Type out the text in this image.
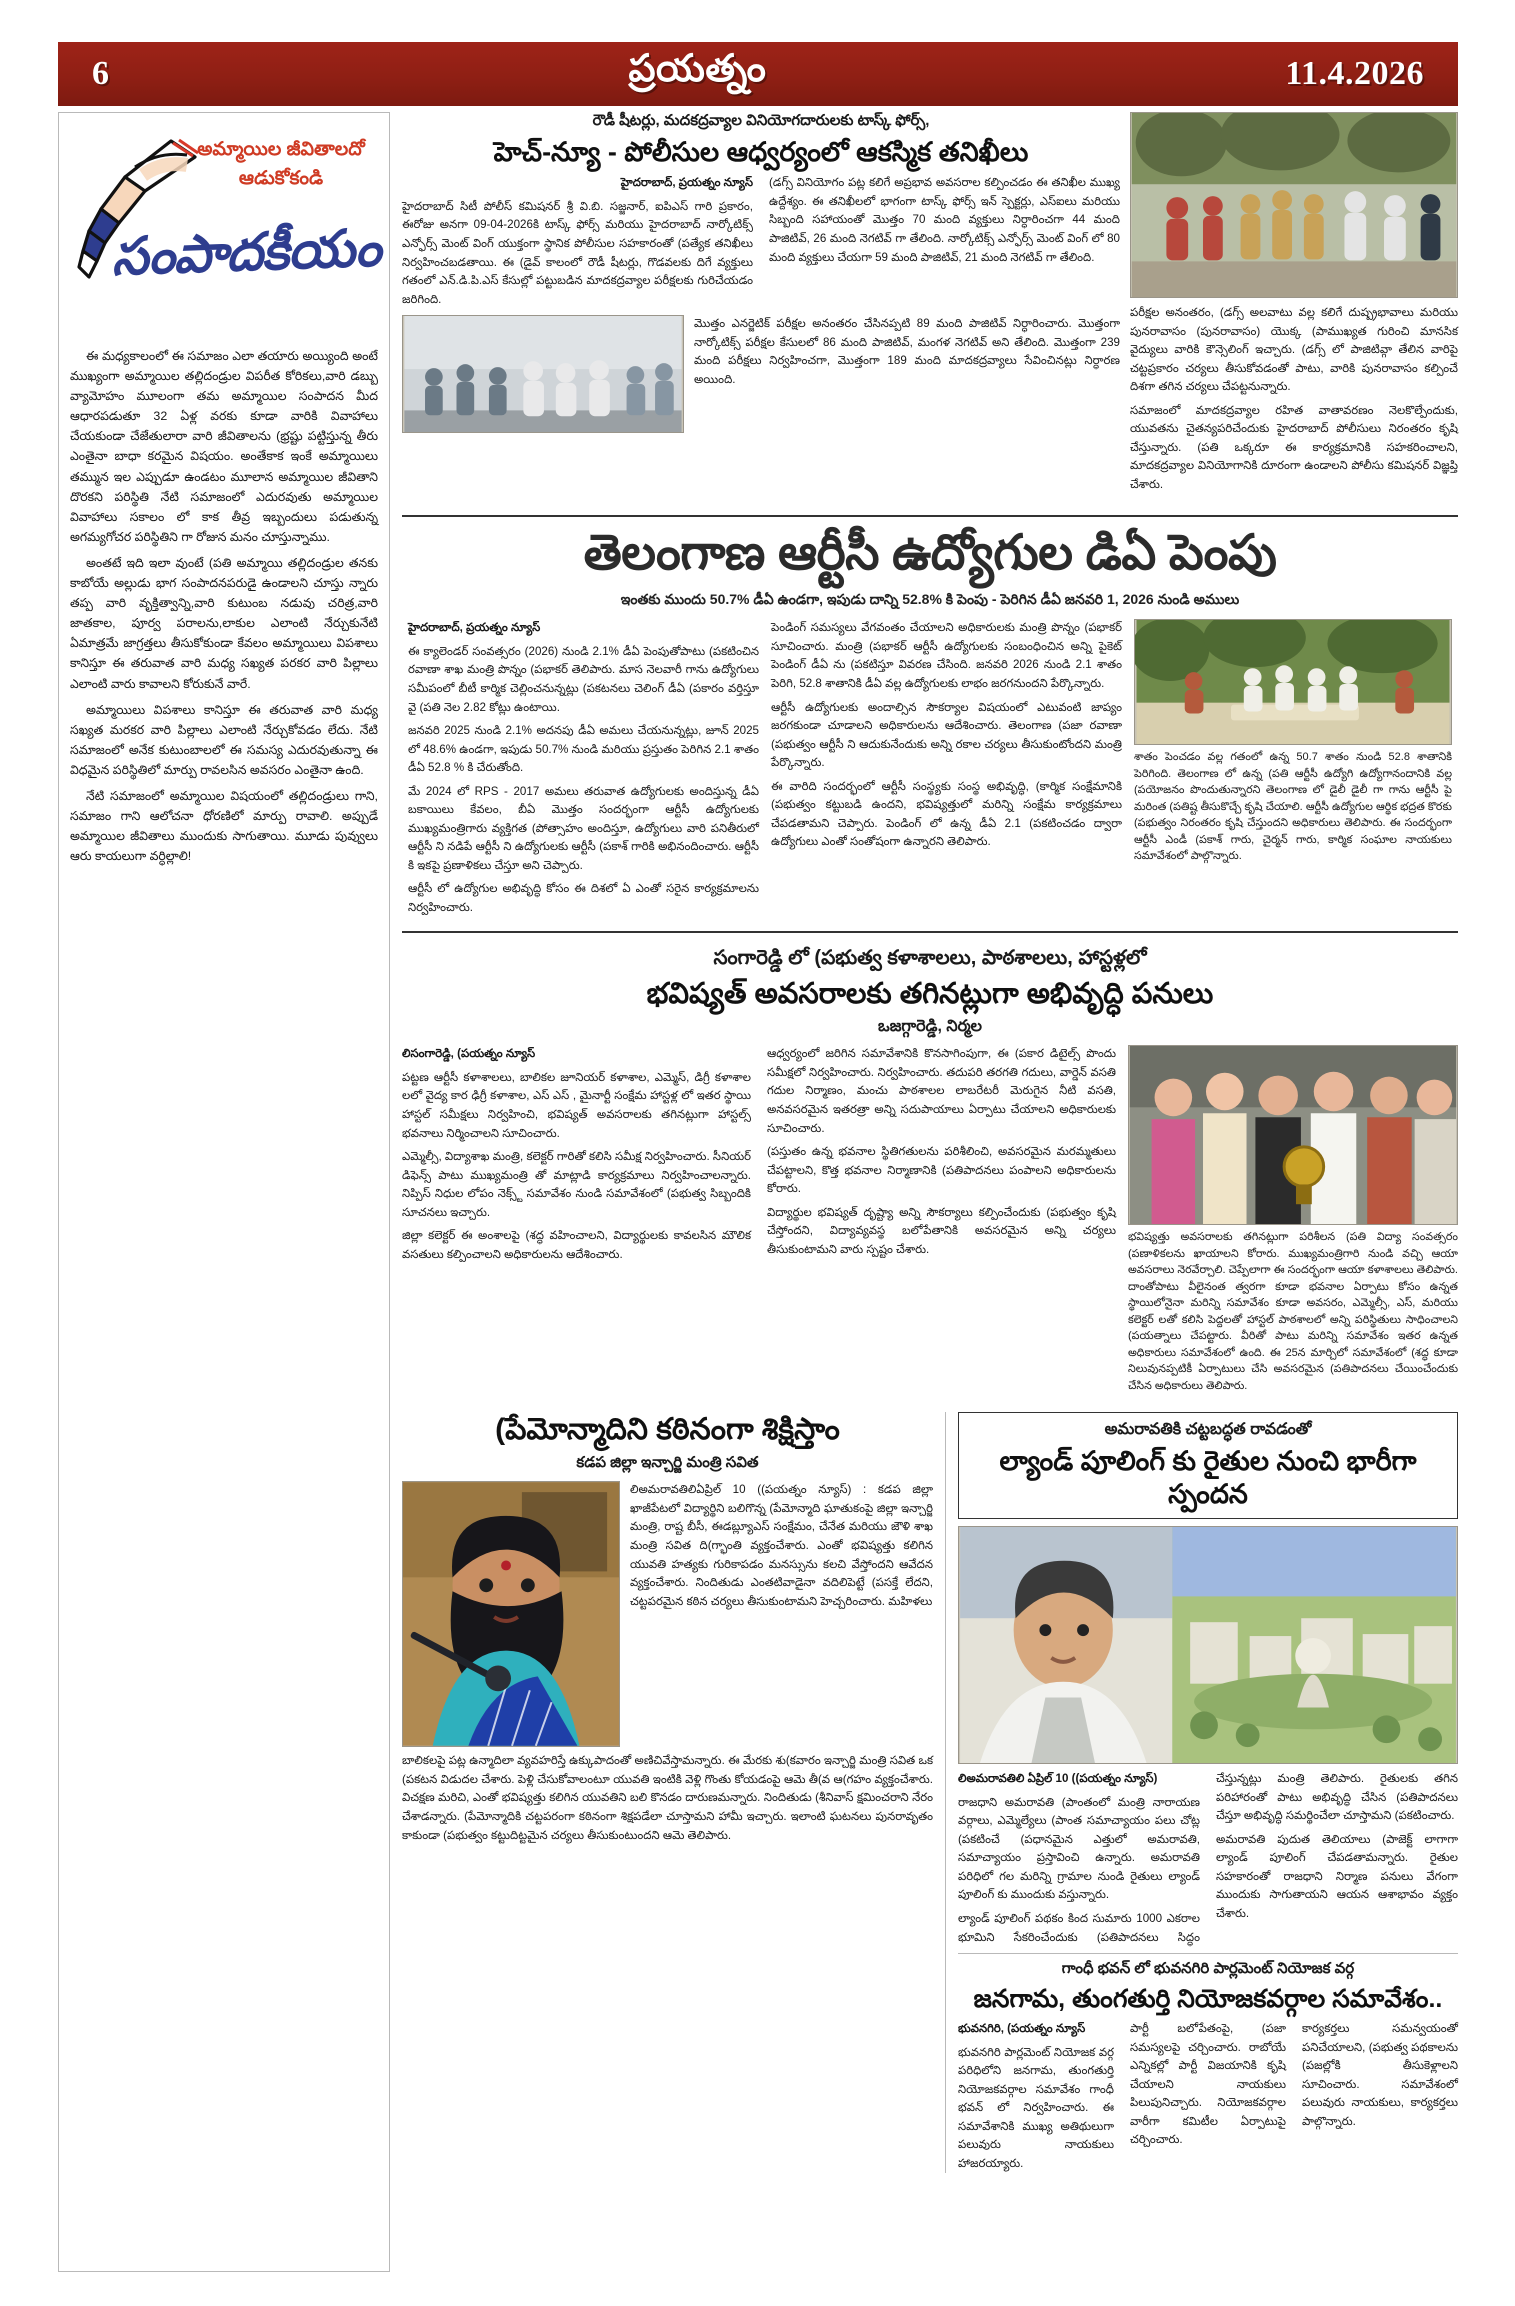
6	ప్రయత్నం	11.4.2026
అమ్మాయిల జీవితాలదో
ఆడుకోకండి
సంపాదకీయం

ఈ మధ్యకాలంలో ఈ సమాజం ఎలా తయారు అయ్యింది అంటే ముఖ్యంగా అమ్మాయిల తల్లిదండ్రుల విపరీత కోరికలు,వారి డబ్బు వ్యామోహం మూలంగా తమ అమ్మాయిల సంపాదన మీద ఆధారపడుతూ 32 ఏళ్ల వరకు కూడా వారికి వివాహాలు చేయకుండా చేజేతులారా వారి జీవితాలను (భ్రష్టు పట్టిస్తున్న తీరు ఎంతైనా బాధా కరమైన విషయం. అంతేకాక ఇంకే అమ్మాయిలు తమ్మున ఇల ఎప్పుడూ ఉండటం మూలాన అమ్మాయిల జీవితాని దొరకని పరిస్థితి నేటి సమాజంలో ఎదురవుతు అమ్మాయిల వివాహాలు సకాలం లో కాక తీవ్ర ఇబ్బందులు పడుతున్న అగమ్యగోచర పరిస్థితిని గా రోజున మనం చూస్తున్నాము.

అంతటే ఇది ఇలా వుంటే (పతి అమ్మాయి తల్లిదండ్రుల తనకు కాబోయే అల్లుడు భాగ సంపాదనపరుడై ఉండాలని చూస్తు న్నారు తప్ప వారి వృక్తిత్వాన్ని,వారి కుటుంబ నడువు చరిత్ర,వారి జాతకాల, పూర్వ పరాలను,లాకుల ఎలాంటి నేర్చుకునేటి ఏమాత్రమే జాగ్రత్తలు తీసుకోకుండా కేవలం అమ్మాయిలు విపశాలు కానిస్తూ ఈ తరువాత వారి మధ్య సఖ్యత పరకర వారి పిల్లాలు ఎలాంటి వారు కావాలని కోరుకునే వారే.

అమ్మాయిలు విపశాలు కానిస్తూ ఈ తరువాత వారి మధ్య సఖ్యత మరకర వారి పిల్లాలు ఎలాంటి నేర్చుకోవడం లేదు. నేటి సమాజంలో అనేక కుటుంబాలలో ఈ సమస్య ఎదురవుతున్నా ఈ విధమైన పరిస్థితిలో మార్పు రావలసిన అవసరం ఎంతైనా ఉంది.

నేటి సమాజంలో అమ్మాయిల విషయంలో తల్లిదండ్రులు గాని, సమాజం గాని ఆలోచనా ధోరణిలో మార్పు రావాలి. అప్పుడే అమ్మాయిల జీవితాలు ముందుకు సాగుతాయి. మూడు పువ్వులు ఆరు కాయలుగా వర్ధిల్లాలి!

రౌడీ షీటర్లు, మదకద్రవ్యాల వినియోగదారులకు టాస్క్ ఫోర్స్,
హెచ్-న్యూ - పోలీసుల ఆధ్వర్యంలో ఆకస్మిక తనిఖీలు

హైదరాబాద్, ప్రయత్నం న్యూస్

హైదరాబాద్ సిటీ పోలీస్ కమిషనర్ శ్రీ వి.బి. సజ్జనార్, ఐపిఎస్ గారి ప్రకారం, ఈరోజు అనగా 09-04-2026కి టాస్క్ ఫోర్స్ మరియు హైదరాబాద్ నార్కోటిక్స్ ఎన్ఫోర్స్ మెంట్ వింగ్ యుక్తంగా స్థానిక పోలీసుల సహకారంతో (పత్యేక తనిఖీలు నిర్వహించబడతాయి. ఈ (డైవ్ కాలంలో రౌడీ షీటర్లు, గొడవలకు దిగే వ్యక్తులు గతంలో ఎన్.డి.పి.ఎస్ కేసుల్లో పట్టుబడిన మాదకద్రవ్యాల పరీక్షలకు గురిచేయడం జరిగింది.

(డగ్స్ వినియోగం పట్ల కలిగే అప్రభావ అవసరాల కల్పించడం ఈ తనిఖీల ముఖ్య ఉద్దేశ్యం. ఈ తనిఖీలలో భాగంగా టాస్క్ ఫోర్స్ ఇన్ స్పెక్టర్లు, ఎస్ఐలు మరియు సిబ్బంది సహాయంతో మొత్తం 70 మంది వ్యక్తులు నిర్ధారించగా 44 మంది పాజిటివ్, 26 మంది నెగటివ్ గా తేలింది. నార్కోటిక్స్ ఎన్ఫోర్స్ మెంట్ వింగ్ లో 80 మంది వ్యక్తులు చేయగా 59 మంది పాజిటివ్, 21 మంది నెగటివ్ గా తేలింది.

మొత్తం ఎనర్జెటిక్ పరీక్షల అనంతరం చేసినప్పటి 89 మంది పాజిటివ్ నిర్ధారించారు. మొత్తంగా నార్కోటిక్స్ పరీక్షల కేసులలో 86 మంది పాజిటివ్, మంగళ నెగటివ్ అని తేలింది. మొత్తంగా 239 మంది పరీక్షలు నిర్వహించగా, మొత్తంగా 189 మంది మాదకద్రవ్యాలు సేవించినట్లు నిర్ధారణ అయింది.

పరీక్షల అనంతరం, (డగ్స్ అలవాటు వల్ల కలిగే దుష్ప్రభావాలు మరియు పునరావాసం (పునరావాసం) యొక్క (పాముఖ్యత గురించి మానసిక వైద్యులు వారికి కౌన్సెలింగ్ ఇచ్చారు. (డగ్స్ లో పాజిటివ్గా తేలిన వారిపై చట్టప్రకారం చర్యలు తీసుకోవడంతో పాటు, వారికి పునరావాసం కల్పించే దిశగా తగిన చర్యలు చేపట్టనున్నారు.

సమాజంలో మాదకద్రవ్యాల రహిత వాతావరణం నెలకొల్పేందుకు, యువతను చైతన్యపరిచేందుకు హైదరాబాద్ పోలీసులు నిరంతరం కృషి చేస్తున్నారు. (పతి ఒక్కరూ ఈ కార్యక్రమానికి సహకరించాలని, మాదకద్రవ్యాల వినియోగానికి దూరంగా ఉండాలని పోలీసు కమిషనర్ విజ్ఞప్తి చేశారు.

తెలంగాణ ఆర్టీసీ ఉద్యోగుల డిఏ పెంపు
ఇంతకు ముందు 50.7% డీఏ ఉండగా, ఇపుడు దాన్ని 52.8% కి పెంపు - పెరిగిన డీఏ జనవరి 1, 2026 నుండి అములు

హైదరాబాద్, ప్రయత్నం న్యూస్

ఈ క్యాలెండర్ సంవత్సరం (2026) నుండి 2.1% డీఏ పెంపుతోపాటు (పకటించిన రవాణా శాఖ మంత్రి పొన్నం (పభాకర్ తెలిపారు. మాస నెలవారీ గాను ఉద్యోగులు సమీపంలో బీటీ కార్మిక చెల్లించనున్నట్లు (పకటనలు చెలింగ్ డీఏ (పకారం వర్తిస్తూ వై (పతి నెల 2.82 కోట్లు ఉంటాయి.

జనవరి 2025 నుండి 2.1% అదనపు డీఏ అమలు చేయనున్నట్లు, జూన్ 2025 లో 48.6% ఉండగా, ఇపుడు 50.7% నుండి మరియు ప్రస్తుతం పెరిగిన 2.1 శాతం డీఏ 52.8 % కి చేరుతోంది.

మే 2024 లో RPS - 2017 అమలు తరువాత ఉద్యోగులకు అందిస్తున్న డీఏ బకాయిలు కేవలం, బీఏ మొత్తం సందర్భంగా ఆర్టీసీ ఉద్యోగులకు ముఖ్యమంత్రిగారు వ్యక్తిగత (పోత్సాహం అందిస్తూ, ఉద్యోగులు వారి పనితీరులో ఆర్టీసీ ని నడిపే ఆర్టీసీ ని ఉద్యోగులకు ఆర్టీసీ (పకాశ్ గారికి అభినందించారు. ఆర్టీసీ కి ఇకపై ప్రణాళికలు చేస్తూ అని చెప్పారు.

ఆర్టీసీ లో ఉద్యోగుల అభివృద్ధి కోసం ఈ దిశలో ఏ ఎంతో సరైన కార్యక్రమాలను నిర్వహించారు.

పెండింగ్ సమస్యలు వేగవంతం చేయాలని అధికారులకు మంత్రి పొన్నం (పభాకర్ సూచించారు. మంత్రి (పభాకర్ ఆర్టీసీ ఉద్యోగులకు సంబంధించిన అన్ని పైకెట్ పెండింగ్ డీఏ ను (పకటిస్తూ వివరణ చేసింది. జనవరి 2026 నుండి 2.1 శాతం పెరిగి, 52.8 శాతానికి డీఏ వల్ల ఉద్యోగులకు లాభం జరగనుందని పేర్కొన్నారు.

ఆర్టీసీ ఉద్యోగులకు అందాల్సిన సౌకర్యాల విషయంలో ఎటువంటి జాప్యం జరగకుండా చూడాలని అధికారులను ఆదేశించారు. తెలంగాణ (పజా రవాణా (పభుత్వం ఆర్టీసీ ని ఆదుకునేందుకు అన్ని రకాల చర్యలు తీసుకుంటోందని మంత్రి పేర్కొన్నారు.

ఈ వారిది సందర్భంలో ఆర్టీసీ సంస్థ్యకు సంస్థ అభివృద్ధి, (కార్మిక సంక్షేమానికి (పభుత్వం కట్టుబడి ఉందని, భవిష్యత్తులో మరిన్ని సంక్షేమ కార్యక్రమాలు చేపడతామని చెప్పారు. పెండింగ్ లో ఉన్న డీఏ 2.1 (పకటించడం ద్వారా ఉద్యోగులు ఎంతో సంతోషంగా ఉన్నారని తెలిపారు.

శాతం పెంచడం వల్ల గతంలో ఉన్న 50.7 శాతం నుండి 52.8 శాతానికి పెరిగింది. తెలంగాణ లో ఉన్న (పతి ఆర్టీసీ ఉద్యోగి ఉద్యోగానందానికి వల్ల (పయోజనం పొందుతున్నారని తెలంగాణ లో డైలీ డైలీ గా గాను ఆర్టీసీ పై మరింత (పతిష్ట తీసుకొచ్చే కృషి చేయాలి. ఆర్టీసీ ఉద్యోగుల ఆర్థిక భద్రత కొరకు (పభుత్వం నిరంతరం కృషి చేస్తుందని అధికారులు తెలిపారు. ఈ సందర్భంగా ఆర్టీసీ ఎండీ (పకాశ్ గారు, చైర్మన్ గారు, కార్మిక సంఘాల నాయకులు సమావేశంలో పాల్గొన్నారు.
సంగారెడ్డి లో (పభుత్వ కళాశాలలు, పాఠశాలలు, హాస్టళ్లలో
భవిష్యత్ అవసరాలకు తగినట్లుగా అభివృద్ధి పనులు
ఒజగ్గారెడ్డి, నిర్మల

లిసంగారెడ్డి, (పయత్నం న్యూస్

పట్టణ ఆర్టీసీ కళాశాలలు, బాలికల జూనియర్ కళాశాల, ఎమ్మెస్, డిగ్రీ కళాశాల లలో వైద్య కార ఢిగ్రీ కళాశాల, ఎస్ ఎస్ , మైనార్టీ సంక్షేమ హాస్టళ్ల లో ఇతర స్థాయి హాస్టల్ సమీక్షలు నిర్వహించి, భవిష్యత్ అవసరాలకు తగినట్లుగా హాస్టల్స్ భవనాలు నిర్మించాలని సూచించారు.

ఎమ్మెల్సీ, విద్యాశాఖ మంత్రి, కలెక్టర్ గారితో కలిసి సమీక్ష నిర్వహించారు. సీనియర్ డిఫెన్స్ పాటు ముఖ్యమంత్రి తో మాట్లాడి కార్యక్రమాలు నిర్వహించాలన్నారు. నిప్పిస్ నిధుల లోపం నెక్స్ట్ సమావేశం నుండి సమావేశంలో (పభుత్వ సిబ్బందికి సూచనలు ఇచ్చారు.

జిల్లా కలెక్టర్ ఈ అంశాలపై (శద్ధ వహించాలని, విద్యార్థులకు కావలసిన మౌలిక వసతులు కల్పించాలని అధికారులను ఆదేశించారు.

ఆధ్వర్యంలో జరిగిన సమావేశానికి కొనసాగింపుగా, ఈ (పకార డిటైల్స్ పొందు సమీక్షలో నిర్వహించారు. నిర్వహించారు. తదుపరి తరగతి గదులు, వార్డెన్ వసతి గదుల నిర్మాణం, మంచు పాఠశాలల లాబరేటరీ మెరుగైన నీటి వసతి, అనవసరమైన ఇతరత్రా అన్ని సదుపాయాలు ఏర్పాటు చేయాలని అధికారులకు సూచించారు.

(పస్తుతం ఉన్న భవనాల స్థితిగతులను పరిశీలించి, అవసరమైన మరమ్మతులు చేపట్టాలని, కొత్త భవనాల నిర్మాణానికి (పతిపాదనలు పంపాలని అధికారులను కోరారు.

విద్యార్థుల భవిష్యత్ దృష్ట్యా అన్ని సౌకర్యాలు కల్పించేందుకు (పభుత్వం కృషి చేస్తోందని, విద్యావ్యవస్థ బలోపేతానికి అవసరమైన అన్ని చర్యలు తీసుకుంటామని వారు స్పష్టం చేశారు.

భవిష్యత్తు అవసరాలకు తగినట్లుగా పరిశీలన (పతి విద్యా సంవత్సరం (పణాళికలను ఖాయాలని కోరారు. ముఖ్యమంత్రిగారి నుండి వచ్చి ఆయా అవసరాలు నెరవేర్చాలి. చెప్పేలాగా ఈ సందర్భంగా ఆయా కళాశాలలు తెలిపారు. దాంతోపాటు వీలైనంత త్వరగా కూడా భవనాల ఏర్పాటు కోసం ఉన్నత స్థాయిలోనైనా మరిన్ని సమావేశం కూడా అవసరం, ఎమ్మెల్సీ, ఎస్, మరియు కలెక్టర్ లతో కలిసి పెద్దలతో హాస్టల్ పాఠశాలలో అన్ని పరిస్థితులు సాధించాలని (పయత్నాలు చేపట్టారు. వీరితో పాటు మరిన్ని సమావేశం ఇతర ఉన్నత అధికారులు సమావేశంలో ఉంది. ఈ 25న మార్చిలో సమావేశంలో (శద్ధ కూడా నిలువునప్పటికీ ఏర్పాటులు చేసి అవసరమైన (పతిపాదనలు చేయించేందుకు చేసిన అధికారులు తెలిపారు.
(పేమోన్మాదిని కఠినంగా శిక్షిస్తాం
కడప జిల్లా ఇన్చార్జి మంత్రి సవిత

లిఅమరావతిలిఏప్రిల్ 10 ((పయత్నం న్యూస్) : కడప జిల్లా ఖాజీపేటలో విద్యార్థిని బలిగొన్న (పేమోన్మాది ఘాతుకంపై జిల్లా ఇన్చార్జి మంత్రి, రాష్ట బీసీ, ఈడబ్ల్యూఎస్ సంక్షేమం, చేనేత మరియు జౌళి శాఖ మంత్రి సవిత ది(గ్భాంతి వ్యక్తంచేశారు. ఎంతో భవిష్యత్తు కలిగిన యువతి హత్యకు గురికాపడం మనస్సును కలచి వేస్తోందని ఆవేదన వ్యక్తంచేశారు. నిందితుడు ఎంతటివాడైనా వదిలిపెట్టే (పసక్తే లేదని, చట్టపరమైన కఠిన చర్యలు తీసుకుంటామని హెచ్చరించారు. మహిళలు

బాలికలపై పట్ల ఉన్మాదిలా వ్యవహరిస్తే ఉక్కుపాదంతో అణిచివేస్తామన్నారు. ఈ మేరకు శు(కవారం ఇన్చార్జి మంత్రి సవిత ఒక (పకటన విడుదల చేశారు. పెళ్లి చేసుకోవాలంటూ యువతి ఇంటికి వెళ్లి గొంతు కోయడంపై ఆమె తీ(వ ఆ(గహం వ్యక్తంచేశారు. విచక్షణ మరిచి, ఎంతో భవిష్యత్తు కలిగిన యువతిని బలి కొనడం దారుణమన్నారు. నిందితుడు (శీనివాస్ క్షమించరాని నేరం చేశాడన్నారు. (పేమోన్మాదికి చట్టపరంగా కఠినంగా శిక్షపడేలా చూస్తామని హామీ ఇచ్చారు. ఇలాంటి ఘటనలు పునరావృతం కాకుండా (పభుత్వం కట్టుదిట్టమైన చర్యలు తీసుకుంటుందని ఆమె తెలిపారు.

అమరావతికి చట్టబద్ధత రావడంతో
ల్యాండ్ పూలింగ్ కు రైతుల నుంచి భారీగా స్పందన

లిఅమరావతిలి ఏప్రిల్ 10 ((పయత్నం న్యూస్)

రాజధాని అమరావతి (పాంతంలో మంత్రి నారాయణ వర్గాలు, ఎమ్మెల్యేలు (పాంత సమాచ్యాయం పలు చోట్ల (పకటించే (పధానమైన ఎత్తులో అమరావతి, సమాచ్యాయం ప్రస్తావించి ఉన్నారు. అమరావతి పరిధిలో గల మరిన్ని గ్రామాల నుండి రైతులు ల్యాండ్ పూలింగ్ కు ముందుకు వస్తున్నారు.

ల్యాండ్ పూలింగ్ పథకం కింద సుమారు 1000 ఎకరాల భూమిని సేకరించేందుకు (పతిపాదనలు సిద్ధం చేస్తున్నట్లు మంత్రి తెలిపారు. రైతులకు తగిన పరిహారంతో పాటు అభివృద్ధి చేసిన (పతిపాదనలు చేస్తూ అభివృద్ధి సమర్థించేలా చూస్తామని (పకటించారు.

అమరావతి పుదుత తెలియాలు (పాజెక్ట్ లాగాగా ల్యాండ్ పూలింగ్ చేపడతామన్నారు. రైతుల సహకారంతో రాజధాని నిర్మాణ పనులు వేగంగా ముందుకు సాగుతాయని ఆయన ఆశాభావం వ్యక్తం చేశారు.

గాంధీ భవన్ లో భువనగిరి పార్లమెంట్ నియోజక వర్గ
జనగామ, తుంగతుర్తి నియోజకవర్గాల సమావేశం..

భువనగిరి, (పయత్నం న్యూస్

భువనగిరి పార్లమెంట్ నియోజక వర్గ పరిధిలోని జనగామ, తుంగతుర్తి నియోజకవర్గాల సమావేశం గాంధీ భవన్ లో నిర్వహించారు. ఈ సమావేశానికి ముఖ్య అతిథులుగా పలువురు నాయకులు హాజరయ్యారు.

పార్టీ బలోపేతంపై, (పజా సమస్యలపై చర్చించారు. రాబోయే ఎన్నికల్లో పార్టీ విజయానికి కృషి చేయాలని నాయకులు పిలుపునిచ్చారు. నియోజకవర్గాల వారీగా కమిటీల ఏర్పాటుపై చర్చించారు.

కార్యకర్తలు సమన్వయంతో పనిచేయాలని, (పభుత్వ పథకాలను (పజల్లోకి తీసుకెళ్లాలని సూచించారు. సమావేశంలో పలువురు నాయకులు, కార్యకర్తలు పాల్గొన్నారు.
